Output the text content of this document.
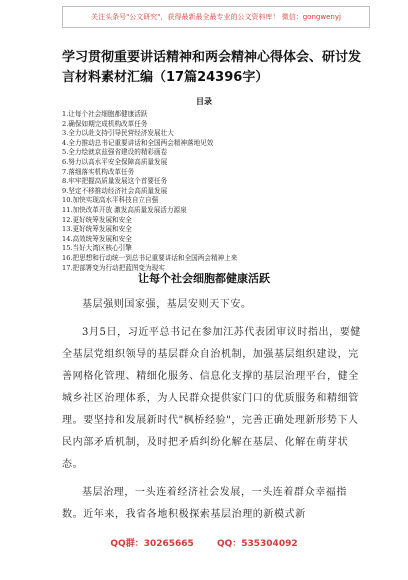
关注头条号"公文研究"，获得最新最全最专业的公文资料库！ 微信：gongwenyj
学习贯彻重要讲话精神和两会精神心得体会、研讨发言材料素材汇编（17篇24396字）
目录
1.让每个社会细胞都健康活跃
2.确保如期完成机构改革任务
3.全力以赴支持引导民营经济发展壮大
4.全力推动总书记重要讲话和全国两会精神落地见效
5.全力绘就京兹强省建设的精彩画卷
6.努力以高水平安全保障高质量发展
7.落细落实机构改革任务
8.牢牢把握高质量发展这个首要任务
9.坚定不移推动经济社会高质量发展
10.加快实现高水平科技自立自强
11.加快改革开放 激发高质量发展活力源泉
12.更好统筹发展和安全
13.更好统筹发展和安全
14.高效统筹发展和安全
15.当好大湾区核心引擎
16.把思想和行动统一到总书记重要讲话和全国两会精神上来
17.把部署变为行动把蓝图变为现实
让每个社会细胞都健康活跃

基层强则国家强，基层安则天下安。

3月5日，习近平总书记在参加江苏代表团审议时指出，要健全基层党组织领导的基层群众自治机制，加强基层组织建设，完善网格化管理、精细化服务、信息化支撑的基层治理平台，健全城乡社区治理体系，为人民群众提供家门口的优质服务和精细管理。要坚持和发展新时代"枫桥经验"，完善正确处理新形势下人民内部矛盾机制，及时把矛盾纠纷化解在基层、化解在萌芽状态。

基层治理，一头连着经济社会发展，一头连着群众幸福指数。近年来，我省各地积极探索基层治理的新模式新

QQ群：30265665	QQ：535304092
